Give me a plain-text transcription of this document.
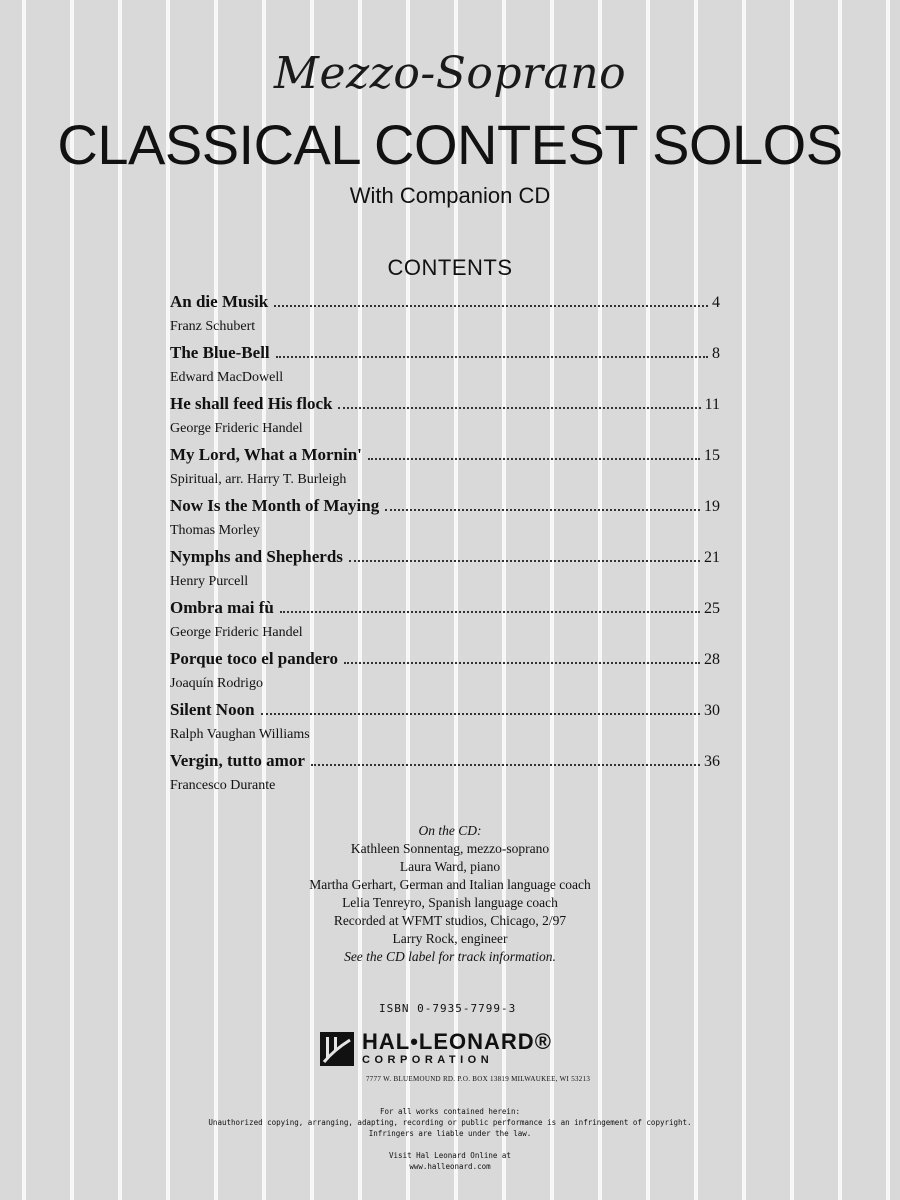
Mezzo-Soprano
CLASSICAL CONTEST SOLOS
With Companion CD
CONTENTS
An die Musik	4
Franz Schubert
The Blue-Bell	8
Edward MacDowell
He shall feed His flock	11
George Frideric Handel
My Lord, What a Mornin'	15
Spiritual, arr. Harry T. Burleigh
Now Is the Month of Maying	19
Thomas Morley
Nymphs and Shepherds	21
Henry Purcell
Ombra mai fù	25
George Frideric Handel
Porque toco el pandero	28
Joaquín Rodrigo
Silent Noon	30
Ralph Vaughan Williams
Vergin, tutto amor	36
Francesco Durante
On the CD:
Kathleen Sonnentag, mezzo-soprano
Laura Ward, piano
Martha Gerhart, German and Italian language coach
Lelia Tenreyro, Spanish language coach
Recorded at WFMT studios, Chicago, 2/97
Larry Rock, engineer
See the CD label for track information.
ISBN 0-7935-7799-3
HAL•LEONARD®
CORPORATION
7777 W. BLUEMOUND RD. P.O. BOX 13819 MILWAUKEE, WI 53213
For all works contained herein:
Unauthorized copying, arranging, adapting, recording or public performance is an infringement of copyright.
Infringers are liable under the law.
Visit Hal Leonard Online at
www.halleonard.com
